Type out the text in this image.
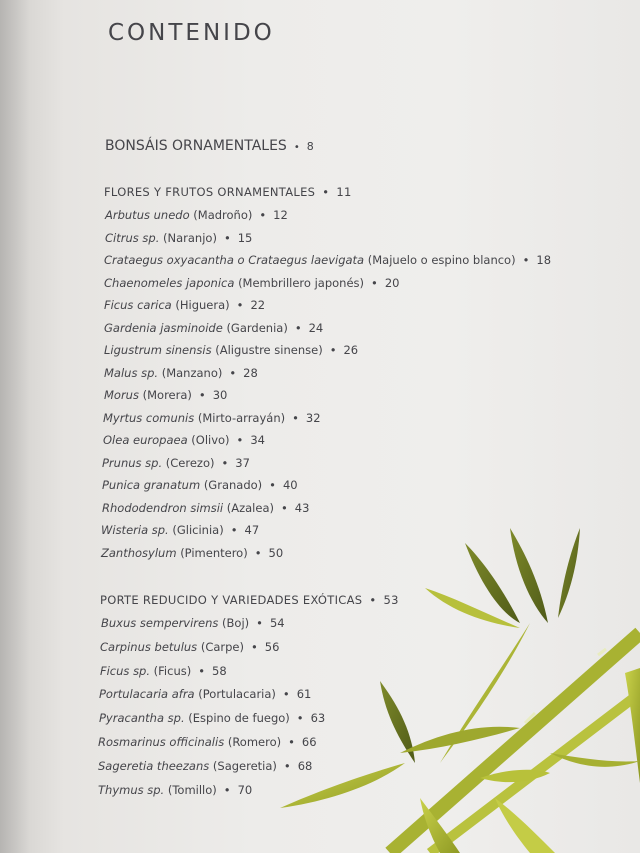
CONTENIDO
BONSÁIS ORNAMENTALES • 8
FLORES Y FRUTOS ORNAMENTALES • 11
Arbutus unedo (Madroño) • 12
Citrus sp. (Naranjo) • 15
Crataegus oxyacantha o Crataegus laevigata (Majuelo o espino blanco) • 18
Chaenomeles japonica (Membrillero japonés) • 20
Ficus carica (Higuera) • 22
Gardenia jasminoide (Gardenia) • 24
Ligustrum sinensis (Aligustre sinense) • 26
Malus sp. (Manzano) • 28
Morus (Morera) • 30
Myrtus comunis (Mirto-arrayán) • 32
Olea europaea (Olivo) • 34
Prunus sp. (Cerezo) • 37
Punica granatum (Granado) • 40
Rhododendron simsii (Azalea) • 43
Wisteria sp. (Glicinia) • 47
Zanthosylum (Pimentero) • 50
PORTE REDUCIDO Y VARIEDADES EXÓTICAS • 53
Buxus sempervirens (Boj) • 54
Carpinus betulus (Carpe) • 56
Ficus sp. (Ficus) • 58
Portulacaria afra (Portulacaria) • 61
Pyracantha sp. (Espino de fuego) • 63
Rosmarinus officinalis (Romero) • 66
Sageretia theezans (Sageretia) • 68
Thymus sp. (Tomillo) • 70
